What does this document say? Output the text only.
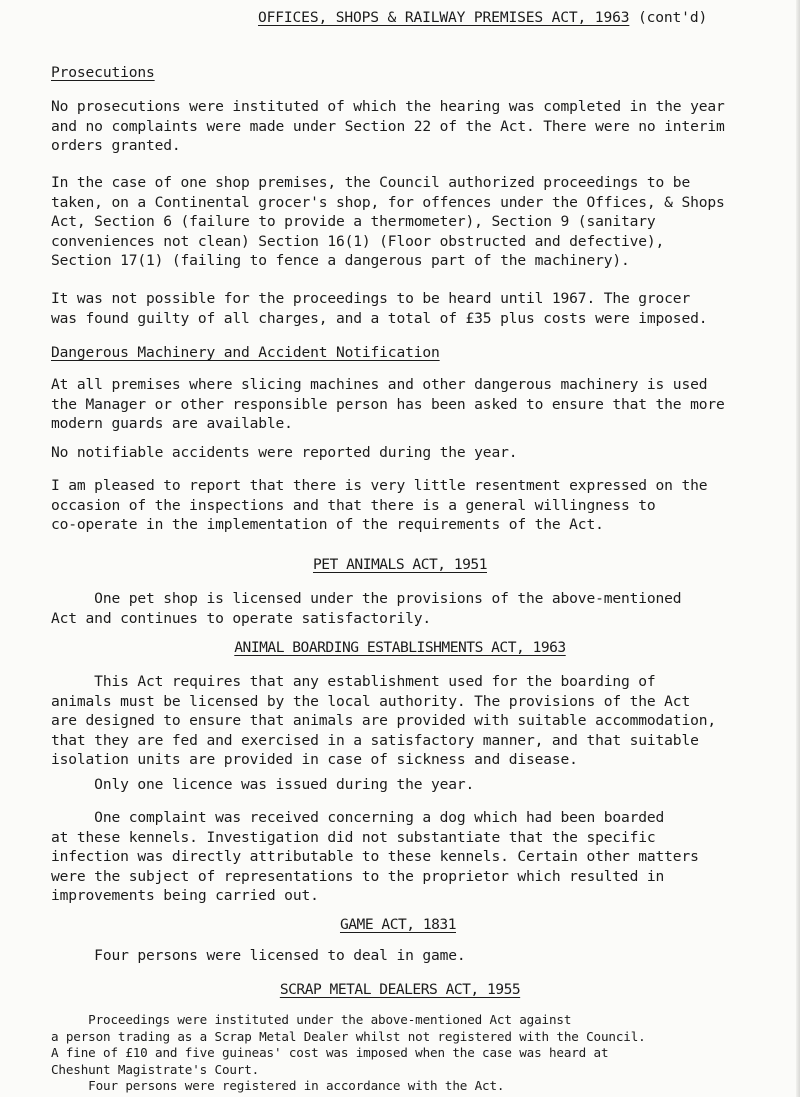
OFFICES, SHOPS & RAILWAY PREMISES ACT, 1963 (cont'd)
Prosecutions
No prosecutions were instituted of which the hearing was completed in the year
and no complaints were made under Section 22 of the Act. There were no interim
orders granted.
In the case of one shop premises, the Council authorized proceedings to be
taken, on a Continental grocer's shop, for offences under the Offices, & Shops
Act, Section 6 (failure to provide a thermometer), Section 9 (sanitary
conveniences not clean) Section 16(1) (Floor obstructed and defective),
Section 17(1) (failing to fence a dangerous part of the machinery).
It was not possible for the proceedings to be heard until 1967. The grocer
was found guilty of all charges, and a total of £35 plus costs were imposed.
Dangerous Machinery and Accident Notification
At all premises where slicing machines and other dangerous machinery is used
the Manager or other responsible person has been asked to ensure that the more
modern guards are available.
No notifiable accidents were reported during the year.
I am pleased to report that there is very little resentment expressed on the
occasion of the inspections and that there is a general willingness to
co-operate in the implementation of the requirements of the Act.
PET ANIMALS ACT, 1951
One pet shop is licensed under the provisions of the above-mentioned
Act and continues to operate satisfactorily.
ANIMAL BOARDING ESTABLISHMENTS ACT, 1963
This Act requires that any establishment used for the boarding of
animals must be licensed by the local authority. The provisions of the Act
are designed to ensure that animals are provided with suitable accommodation,
that they are fed and exercised in a satisfactory manner, and that suitable
isolation units are provided in case of sickness and disease.
Only one licence was issued during the year.
One complaint was received concerning a dog which had been boarded
at these kennels. Investigation did not substantiate that the specific
infection was directly attributable to these kennels. Certain other matters
were the subject of representations to the proprietor which resulted in
improvements being carried out.
GAME ACT, 1831
Four persons were licensed to deal in game.
SCRAP METAL DEALERS ACT, 1955
Proceedings were instituted under the above-mentioned Act against
a person trading as a Scrap Metal Dealer whilst not registered with the Council.
A fine of £10 and five guineas' cost was imposed when the case was heard at
Cheshunt Magistrate's Court.
Four persons were registered in accordance with the Act.
